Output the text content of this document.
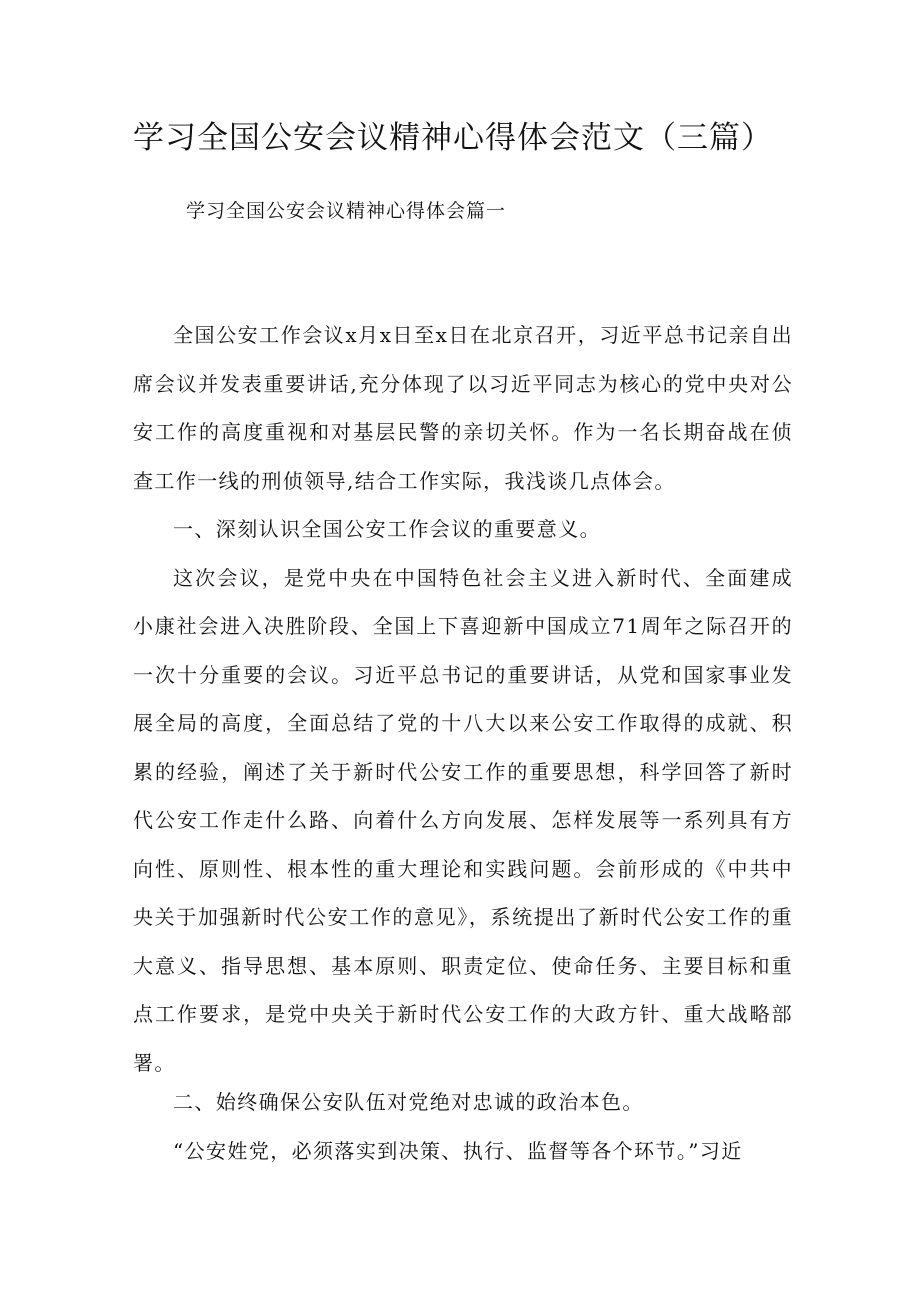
学习全国公安会议精神心得体会范文（三篇）

学习全国公安会议精神心得体会篇一

全国公安工作会议x月x日至x日在北京召开，习近平总书记亲自出席会议并发表重要讲话,充分体现了以习近平同志为核心的党中央对公安工作的高度重视和对基层民警的亲切关怀。作为一名长期奋战在侦查工作一线的刑侦领导,结合工作实际，我浅谈几点体会。

一、深刻认识全国公安工作会议的重要意义。

这次会议，是党中央在中国特色社会主义进入新时代、全面建成小康社会进入决胜阶段、全国上下喜迎新中国成立71周年之际召开的一次十分重要的会议。习近平总书记的重要讲话，从党和国家事业发展全局的高度，全面总结了党的十八大以来公安工作取得的成就、积累的经验，阐述了关于新时代公安工作的重要思想，科学回答了新时代公安工作走什么路、向着什么方向发展、怎样发展等一系列具有方向性、原则性、根本性的重大理论和实践问题。会前形成的《中共中央关于加强新时代公安工作的意见》，系统提出了新时代公安工作的重大意义、指导思想、基本原则、职责定位、使命任务、主要目标和重点工作要求，是党中央关于新时代公安工作的大政方针、重大战略部署。

二、始终确保公安队伍对党绝对忠诚的政治本色。

“公安姓党，必须落实到决策、执行、监督等各个环节。”习近
